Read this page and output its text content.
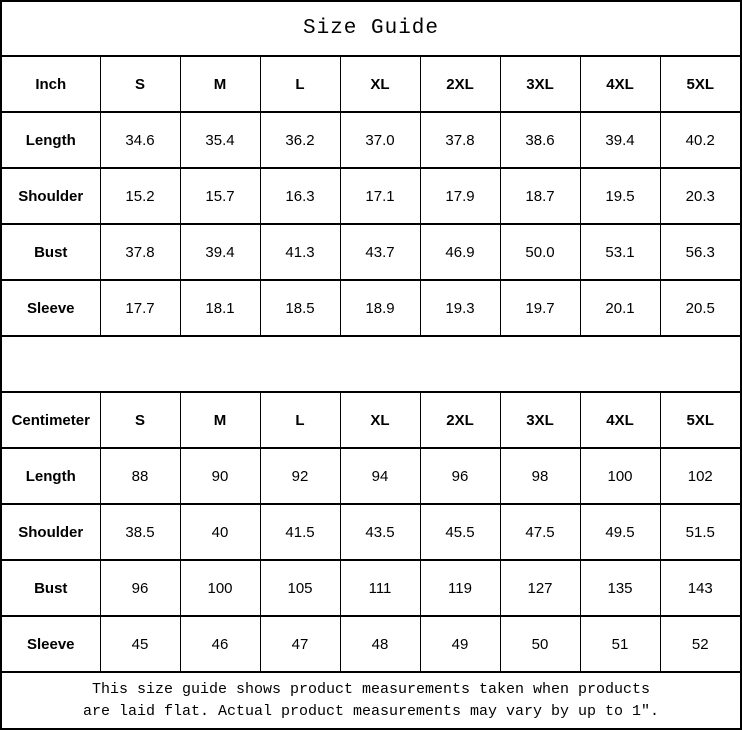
Size Guide
Inch	S	M	L	XL	2XL	3XL	4XL	5XL
Length	34.6	35.4	36.2	37.0	37.8	38.6	39.4	40.2
Shoulder	15.2	15.7	16.3	17.1	17.9	18.7	19.5	20.3
Bust	37.8	39.4	41.3	43.7	46.9	50.0	53.1	56.3
Sleeve	17.7	18.1	18.5	18.9	19.3	19.7	20.1	20.5
Centimeter	S	M	L	XL	2XL	3XL	4XL	5XL
Length	88	90	92	94	96	98	100	102
Shoulder	38.5	40	41.5	43.5	45.5	47.5	49.5	51.5
Bust	96	100	105	111	119	127	135	143
Sleeve	45	46	47	48	49	50	51	52
This size guide shows product measurements taken when products
are laid flat. Actual product measurements may vary by up to 1″.
